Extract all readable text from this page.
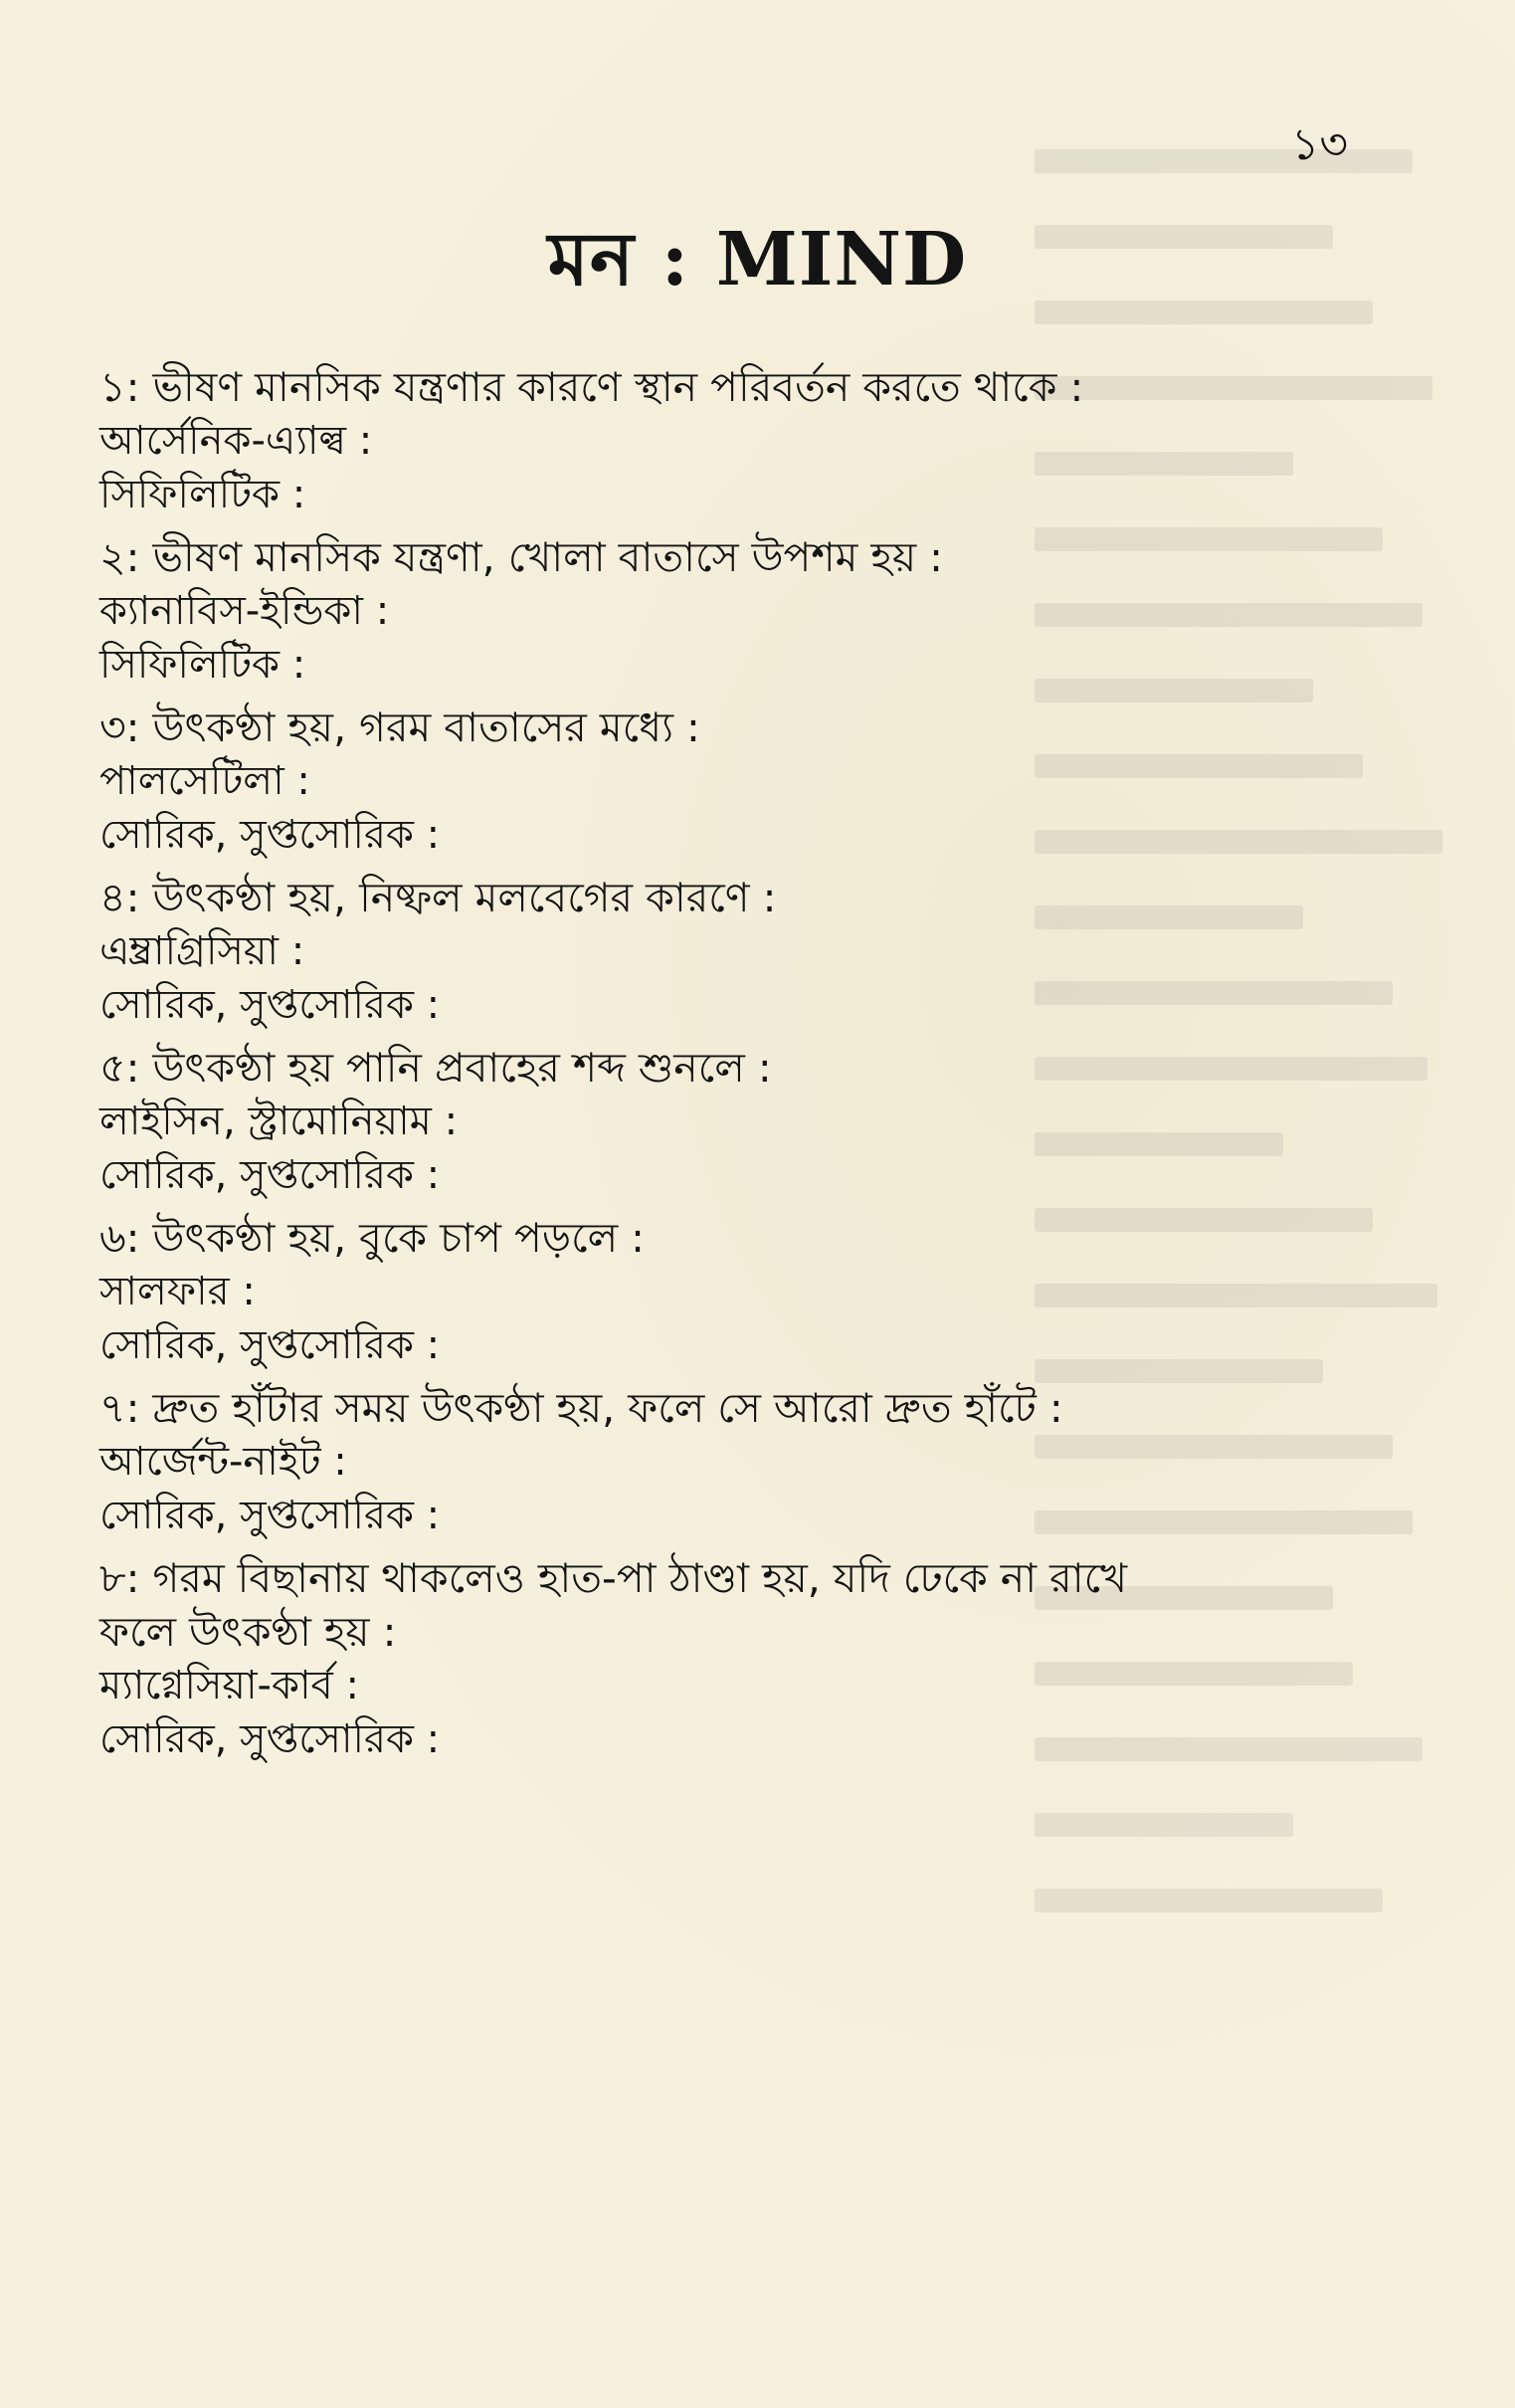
১৩
মন : MIND
১: ভীষণ মানসিক যন্ত্রণার কারণে স্থান পরিবর্তন করতে থাকে :
আর্সেনিক-এ্যাল্ব :
সিফিলিটিক :
২: ভীষণ মানসিক যন্ত্রণা, খোলা বাতাসে উপশম হয় :
ক্যানাবিস-ইন্ডিকা :
সিফিলিটিক :
৩: উৎকণ্ঠা হয়, গরম বাতাসের মধ্যে :
পালসেটিলা :
সোরিক, সুপ্তসোরিক :
৪: উৎকণ্ঠা হয়, নিষ্ফল মলবেগের কারণে :
এম্ব্রাগ্রিসিয়া :
সোরিক, সুপ্তসোরিক :
৫: উৎকণ্ঠা হয় পানি প্রবাহের শব্দ শুনলে :
লাইসিন, স্ট্রামোনিয়াম :
সোরিক, সুপ্তসোরিক :
৬: উৎকণ্ঠা হয়, বুকে চাপ পড়লে :
সালফার :
সোরিক, সুপ্তসোরিক :
৭: দ্রুত হাঁটার সময় উৎকণ্ঠা হয়, ফলে সে আরো দ্রুত হাঁটে :
আর্জেন্ট-নাইট :
সোরিক, সুপ্তসোরিক :
৮: গরম বিছানায় থাকলেও হাত-পা ঠাণ্ডা হয়, যদি ঢেকে না রাখে
ফলে উৎকণ্ঠা হয় :
ম্যাগ্নেসিয়া-কার্ব :
সোরিক, সুপ্তসোরিক :
